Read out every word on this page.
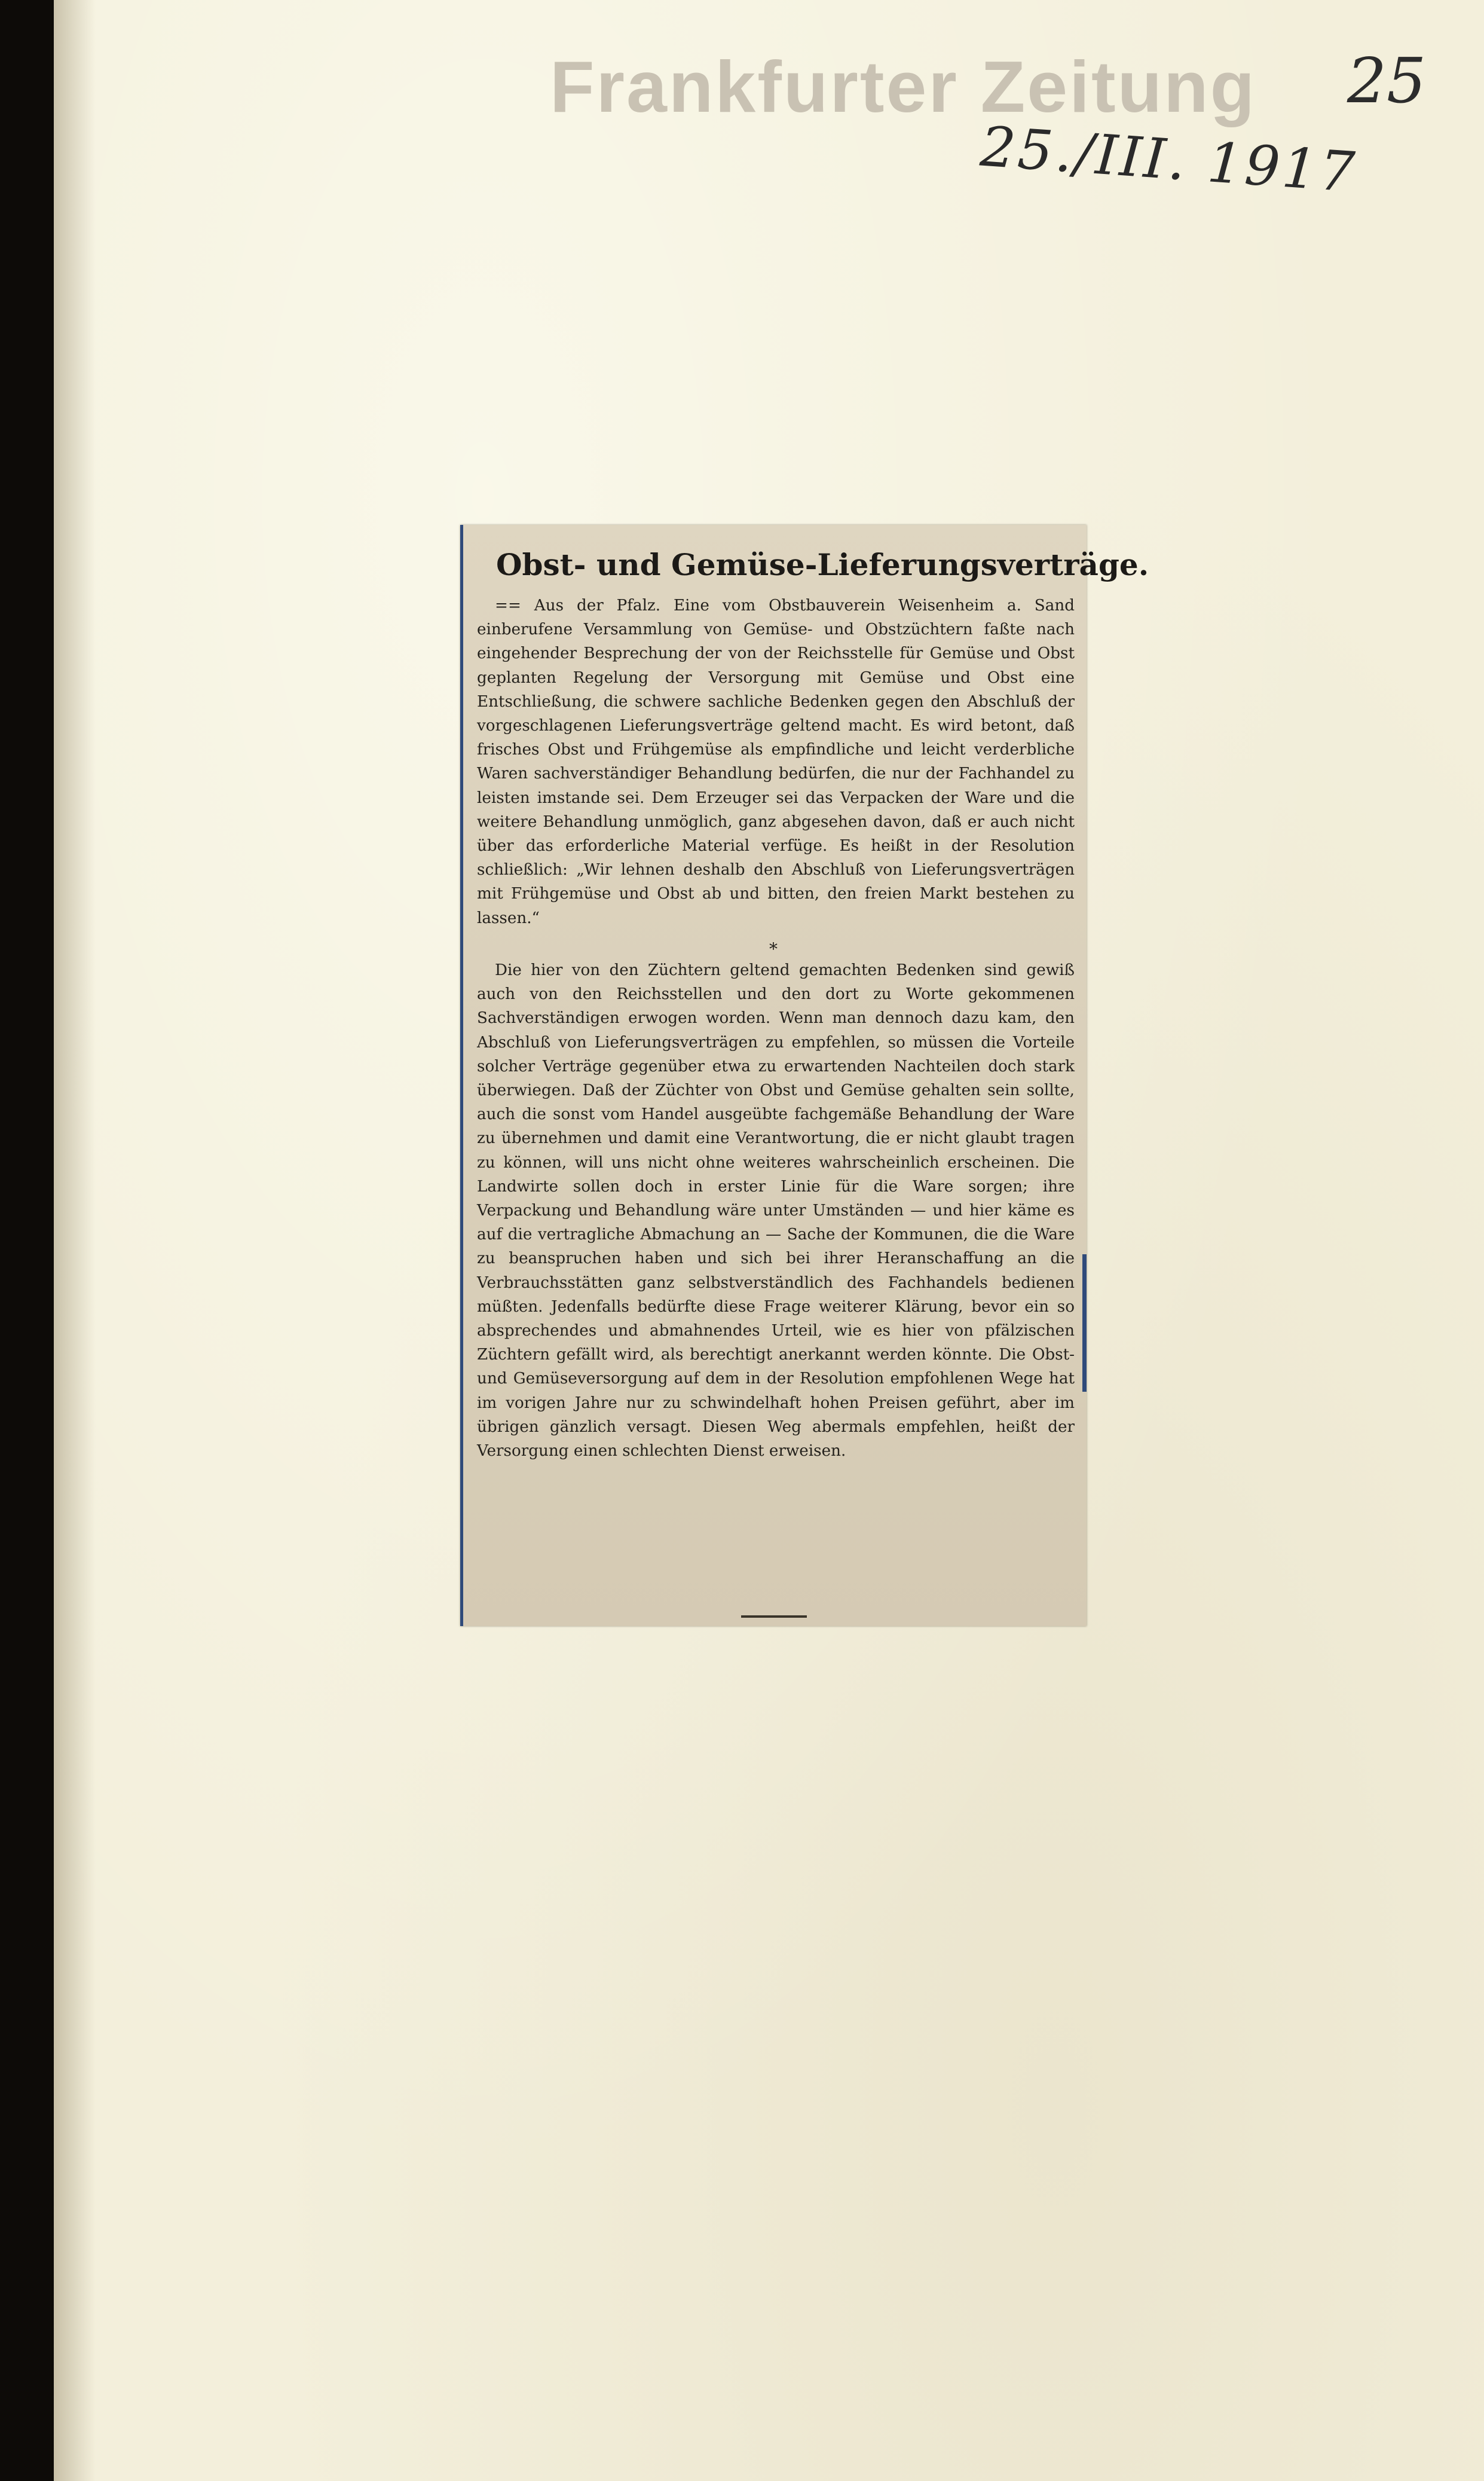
Frankfurter Zeitung 25
25./III. 1917
Obst- und Gemüse-Lieferungsverträge.

== Aus der Pfalz. Eine vom Obstbauverein Weisenheim a. Sand einberufene Versammlung von Gemüse- und Obstzüchtern faßte nach eingehender Besprechung der von der Reichsstelle für Gemüse und Obst geplanten Regelung der Versorgung mit Gemüse und Obst eine Entschließung, die schwere sachliche Bedenken gegen den Abschluß der vorgeschlagenen Lieferungsverträge geltend macht. Es wird betont, daß frisches Obst und Frühgemüse als empfindliche und leicht verderbliche Waren sachverständiger Behandlung bedürfen, die nur der Fachhandel zu leisten imstande sei. Dem Erzeuger sei das Verpacken der Ware und die weitere Behandlung unmöglich, ganz abgesehen davon, daß er auch nicht über das erforderliche Material verfüge. Es heißt in der Resolution schließlich: „Wir lehnen deshalb den Abschluß von Lieferungsverträgen mit Frühgemüse und Obst ab und bitten, den freien Markt bestehen zu lassen.“

*

Die hier von den Züchtern geltend gemachten Bedenken sind gewiß auch von den Reichsstellen und den dort zu Worte gekommenen Sachverständigen erwogen worden. Wenn man dennoch dazu kam, den Abschluß von Lieferungsverträgen zu empfehlen, so müssen die Vorteile solcher Verträge gegenüber etwa zu erwartenden Nachteilen doch stark überwiegen. Daß der Züchter von Obst und Gemüse gehalten sein sollte, auch die sonst vom Handel ausgeübte fachgemäße Behandlung der Ware zu übernehmen und damit eine Verantwortung, die er nicht glaubt tragen zu können, will uns nicht ohne weiteres wahrscheinlich erscheinen. Die Landwirte sollen doch in erster Linie für die Ware sorgen; ihre Verpackung und Behandlung wäre unter Umständen — und hier käme es auf die vertragliche Abmachung an — Sache der Kommunen, die die Ware zu beanspruchen haben und sich bei ihrer Heranschaffung an die Verbrauchsstätten ganz selbstverständlich des Fachhandels bedienen müßten. Jedenfalls bedürfte diese Frage weiterer Klärung, bevor ein so absprechendes und abmahnendes Urteil, wie es hier von pfälzischen Züchtern gefällt wird, als berechtigt anerkannt werden könnte. Die Obst- und Gemüseversorgung auf dem in der Resolution empfohlenen Wege hat im vorigen Jahre nur zu schwindelhaft hohen Preisen geführt, aber im übrigen gänzlich versagt. Diesen Weg abermals empfehlen, heißt der Versorgung einen schlechten Dienst erweisen.
